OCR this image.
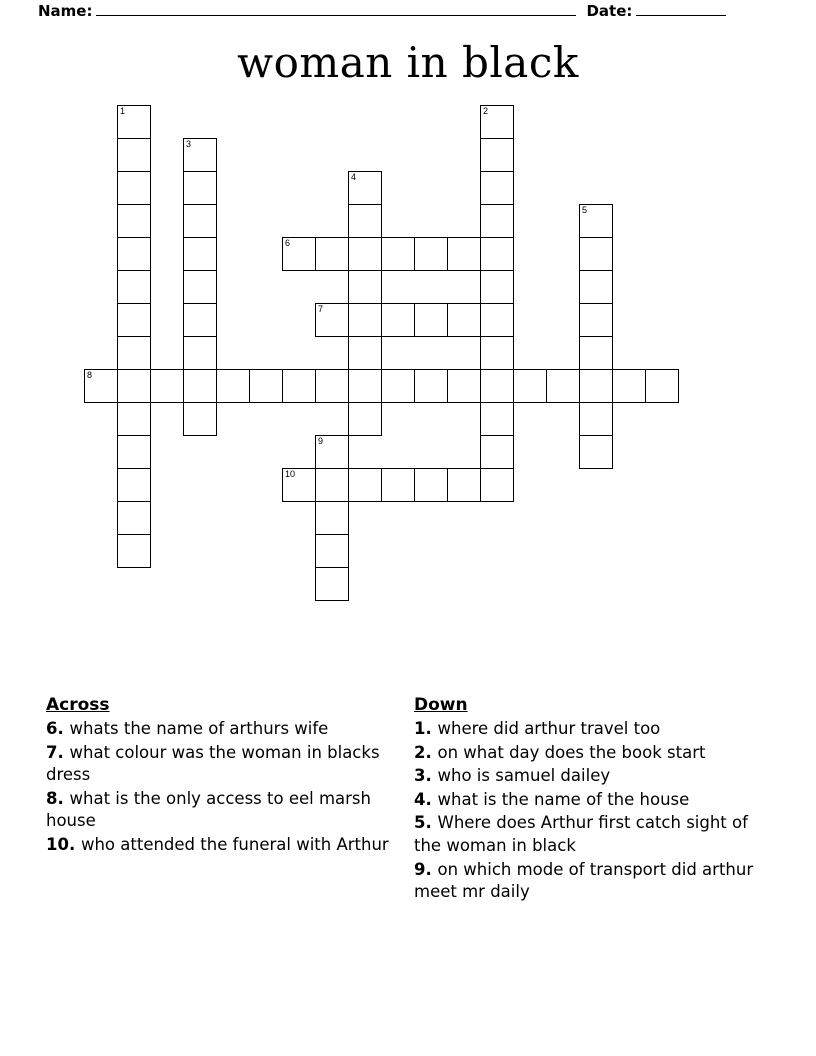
Name:	Date:
woman in black
1
3
4
2
5
6
7
8
9
10
Across
6. whats the name of arthurs wife
7. what colour was the woman in blacks dress
8. what is the only access to eel marsh house
10. who attended the funeral with Arthur
Down
1. where did arthur travel too
2. on what day does the book start
3. who is samuel dailey
4. what is the name of the house
5. Where does Arthur first catch sight of the woman in black
9. on which mode of transport did arthur meet mr daily
